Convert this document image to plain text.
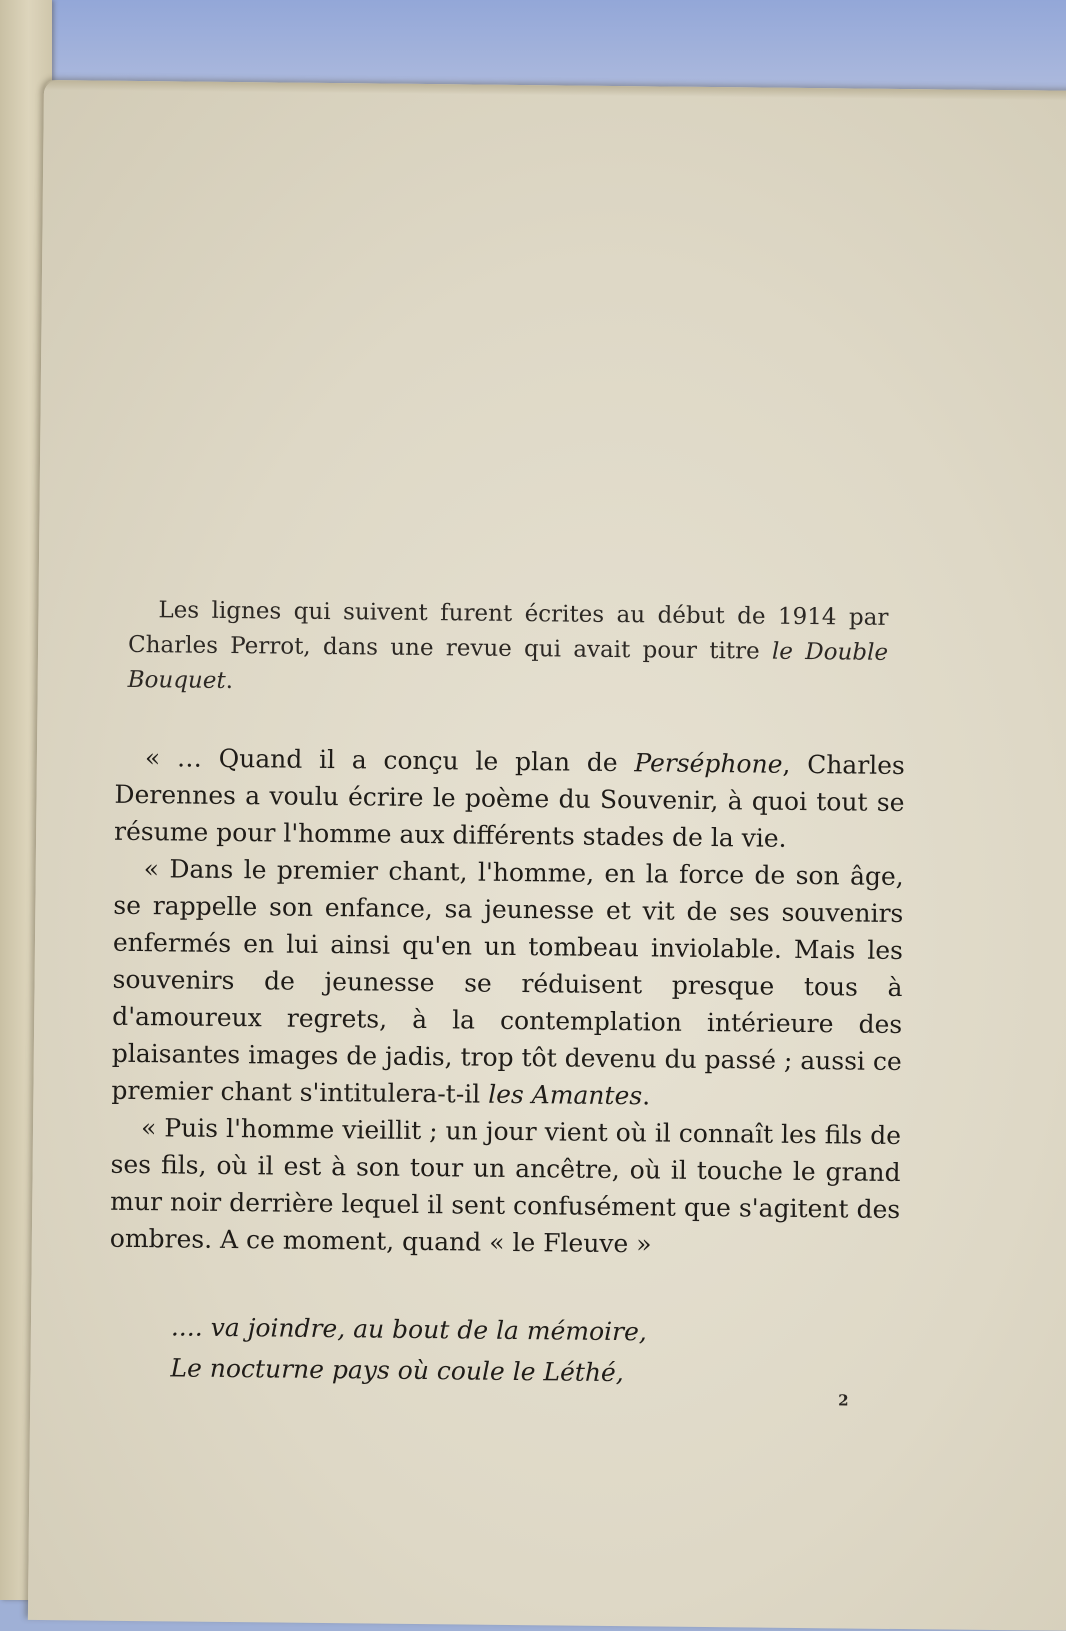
Les lignes qui suivent furent écrites au début de 1914 par Charles Perrot, dans une revue qui avait pour titre le Double Bouquet.

« … Quand il a conçu le plan de Perséphone, Charles Derennes a voulu écrire le poème du Souvenir, à quoi tout se résume pour l'homme aux différents stades de la vie.

« Dans le premier chant, l'homme, en la force de son âge, se rappelle son enfance, sa jeunesse et vit de ses souvenirs enfermés en lui ainsi qu'en un tombeau inviolable. Mais les souvenirs de jeunesse se réduisent presque tous à d'amoureux regrets, à la contemplation intérieure des plaisantes images de jadis, trop tôt devenu du passé ; aussi ce premier chant s'intitulera-t-il les Amantes.

« Puis l'homme vieillit ; un jour vient où il connaît les fils de ses fils, où il est à son tour un ancêtre, où il touche le grand mur noir derrière lequel il sent confusément que s'agitent des ombres. A ce moment, quand « le Fleuve »

.... va joindre, au bout de la mémoire,
Le nocturne pays où coule le Léthé,
2
